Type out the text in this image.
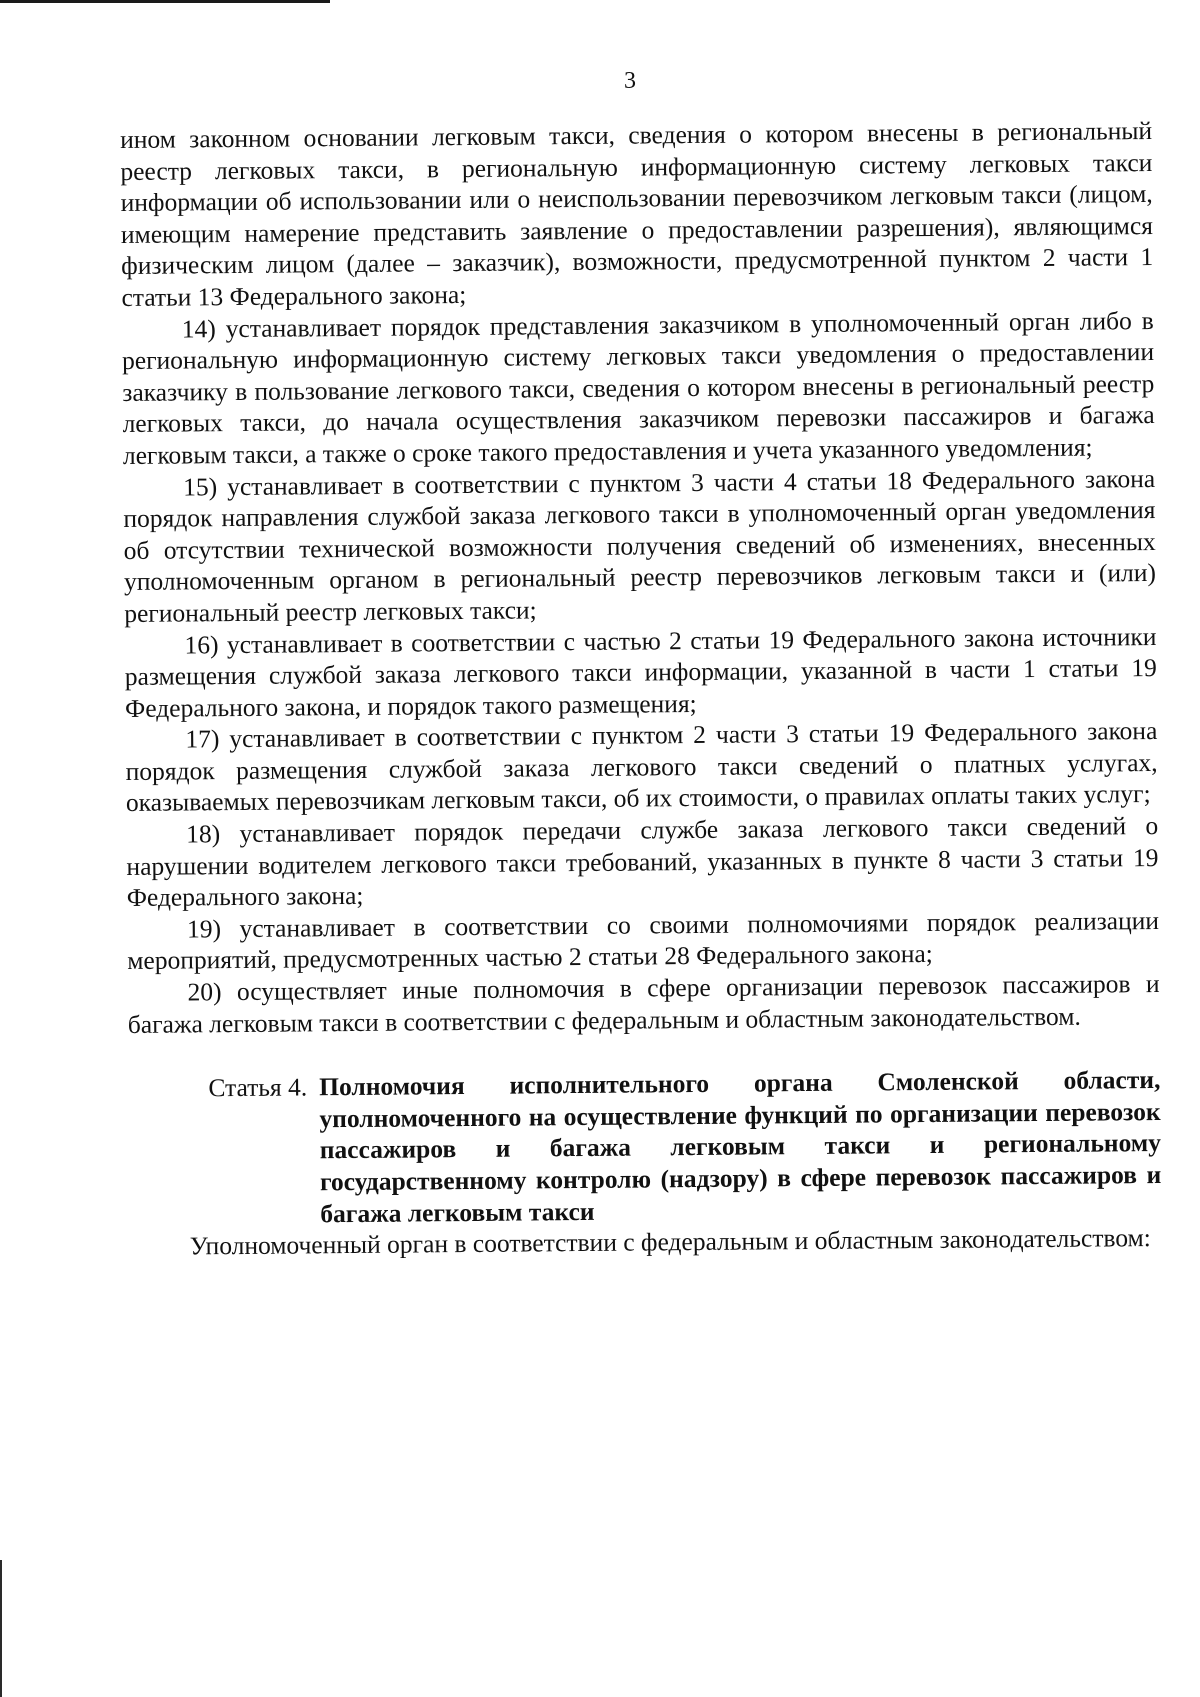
3

ином законном основании легковым такси, сведения о котором внесены в региональный реестр легковых такси, в региональную информационную систему легковых такси информации об использовании или о неиспользовании перевозчиком легковым такси (лицом, имеющим намерение представить заявление о предоставлении разрешения), являющимся физическим лицом (далее – заказчик), возможности, предусмотренной пунктом 2 части 1 статьи 13 Федерального закона;

14) устанавливает порядок представления заказчиком в уполномоченный орган либо в региональную информационную систему легковых такси уведомления о предоставлении заказчику в пользование легкового такси, сведения о котором внесены в региональный реестр легковых такси, до начала осуществления заказчиком перевозки пассажиров и багажа легковым такси, а также о сроке такого предоставления и учета указанного уведомления;

15) устанавливает в соответствии с пунктом 3 части 4 статьи 18 Федерального закона порядок направления службой заказа легкового такси в уполномоченный орган уведомления об отсутствии технической возможности получения сведений об изменениях, внесенных уполномоченным органом в региональный реестр перевозчиков легковым такси и (или) региональный реестр легковых такси;

16) устанавливает в соответствии с частью 2 статьи 19 Федерального закона источники размещения службой заказа легкового такси информации, указанной в части 1 статьи 19 Федерального закона, и порядок такого размещения;

17) устанавливает в соответствии с пунктом 2 части 3 статьи 19 Федерального закона порядок размещения службой заказа легкового такси сведений о платных услугах, оказываемых перевозчикам легковым такси, об их стоимости, о правилах оплаты таких услуг;

18) устанавливает порядок передачи службе заказа легкового такси сведений о нарушении водителем легкового такси требований, указанных в пункте 8 части 3 статьи 19 Федерального закона;

19) устанавливает в соответствии со своими полномочиями порядок реализации мероприятий, предусмотренных частью 2 статьи 28 Федерального закона;

20) осуществляет иные полномочия в сфере организации перевозок пассажиров и багажа легковым такси в соответствии с федеральным и областным законодательством.

Статья 4. Полномочия исполнительного органа Смоленской области, уполномоченного на осуществление функций по организации перевозок пассажиров и багажа легковым такси и региональному государственному контролю (надзору) в сфере перевозок пассажиров и багажа легковым такси

Уполномоченный орган в соответствии с федеральным и областным законодательством:
